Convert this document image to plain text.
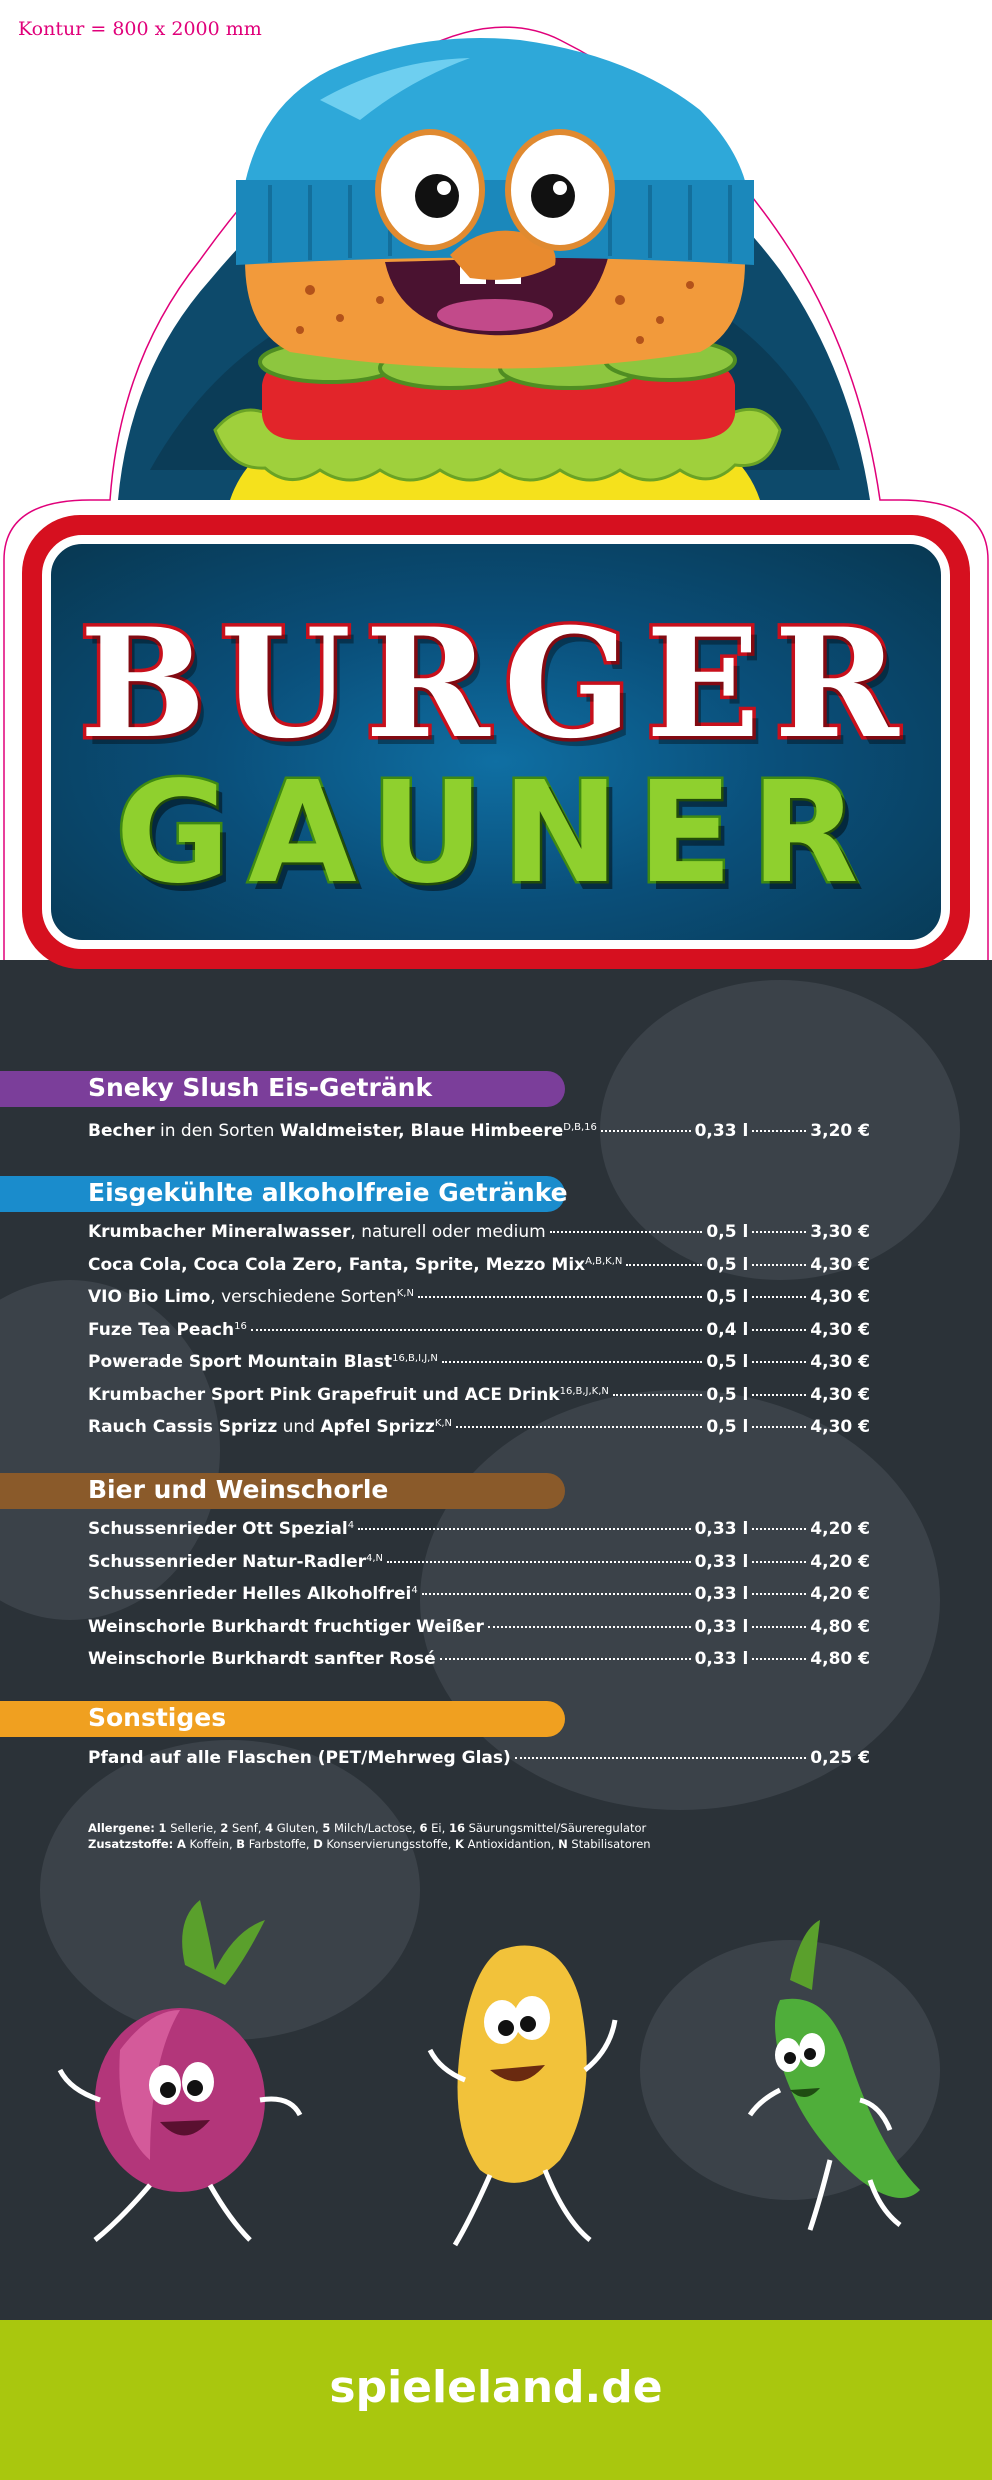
Kontur = 800 x 2000 mm
BURGER
GAUNER
Sneky Slush Eis-Getränk
Becher in den Sorten Waldmeister, Blaue Himbeere$^{D,B,16}$	0,33 l	3,20 €
Eisgekühlte alkoholfreie Getränke
Krumbacher Mineralwasser, naturell oder medium	0,5 l	3,30 €
Coca Cola, Coca Cola Zero, Fanta, Sprite, Mezzo Mix$^{A,B,K,N}$	0,5 l	4,30 €
VIO Bio Limo, verschiedene Sorten$^{K,N}$	0,5 l	4,30 €
Fuze Tea Peach$^{16}$	0,4 l	4,30 €
Powerade Sport Mountain Blast$^{16,B,I,J,N}$	0,5 l	4,30 €
Krumbacher Sport Pink Grapefruit und ACE Drink$^{16,B,J,K,N}$	0,5 l	4,30 €
Rauch Cassis Sprizz und Apfel Sprizz$^{K,N}$	0,5 l	4,30 €
Bier und Weinschorle
Schussenrieder Ott Spezial$^4$	0,33 l	4,20 €
Schussenrieder Natur-Radler$^{4,N}$	0,33 l	4,20 €
Schussenrieder Helles Alkoholfrei$^4$	0,33 l	4,20 €
Weinschorle Burkhardt fruchtiger Weißer	0,33 l	4,80 €
Weinschorle Burkhardt sanfter Rosé	0,33 l	4,80 €
Sonstiges
Pfand auf alle Flaschen (PET/Mehrweg Glas)	0,25 €
Allergene: 1 Sellerie, 2 Senf, 4 Gluten, 5 Milch/Lactose, 6 Ei, 16 Säurungsmittel/Säureregulator
Zusatzstoffe: A Koffein, B Farbstoffe, D Konservierungsstoffe, K Antioxidantion, N Stabilisatoren
spieleland.de
